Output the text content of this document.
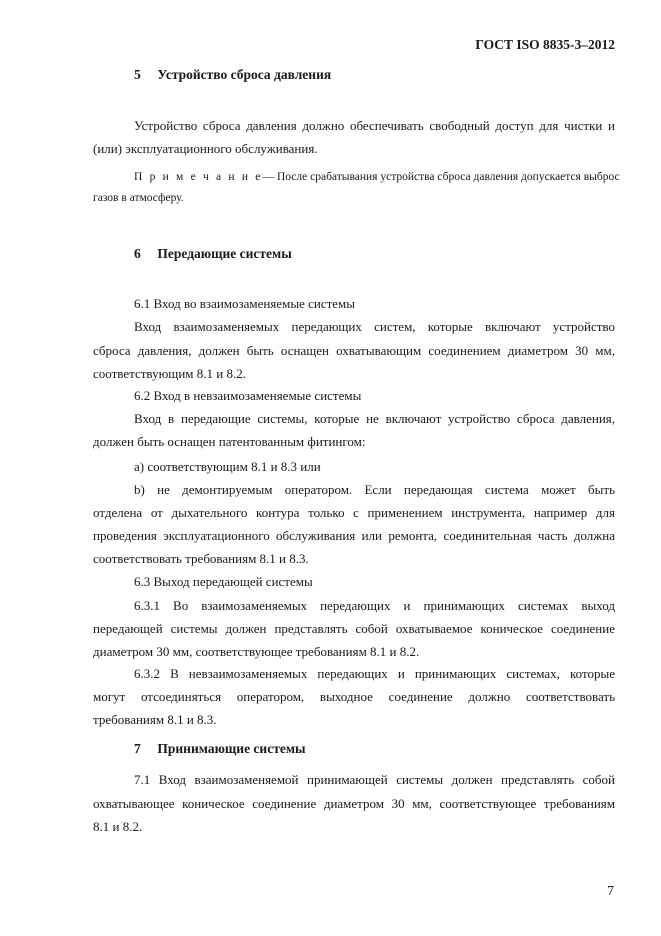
ГОСТ ISO 8835-3–2012
5 Устройство сброса давления
Устройство сброса давления должно обеспечивать свободный доступ для чистки и
(или) эксплуатационного обслуживания.
П р и м е ч а н и е — После срабатывания устройства сброса давления допускается выброс
газов в атмосферу.
6 Передающие системы
6.1 Вход во взаимозаменяемые системы
Вход взаимозаменяемых передающих систем, которые включают устройство
сброса давления, должен быть оснащен охватывающим соединением диаметром 30 мм,
соответствующим 8.1 и 8.2.
6.2 Вход в невзаимозаменяемые системы
Вход в передающие системы, которые не включают устройство сброса давления,
должен быть оснащен патентованным фитингом:
а) соответствующим 8.1 и 8.3 или
b) не демонтируемым оператором. Если передающая система может быть
отделена от дыхательного контура только с применением инструмента, например для
проведения эксплуатационного обслуживания или ремонта, соединительная часть должна
соответствовать требованиям 8.1 и 8.3.
6.3 Выход передающей системы
6.3.1 Во взаимозаменяемых передающих и принимающих системах выход
передающей системы должен представлять собой охватываемое коническое соединение
диаметром 30 мм, соответствующее требованиям 8.1 и 8.2.
6.3.2 В невзаимозаменяемых передающих и принимающих системах, которые
могут отсоединяться оператором, выходное соединение должно соответствовать
требованиям 8.1 и 8.3.
7 Принимающие системы
7.1 Вход взаимозаменяемой принимающей системы должен представлять собой
охватывающее коническое соединение диаметром 30 мм, соответствующее требованиям
8.1 и 8.2.
7
